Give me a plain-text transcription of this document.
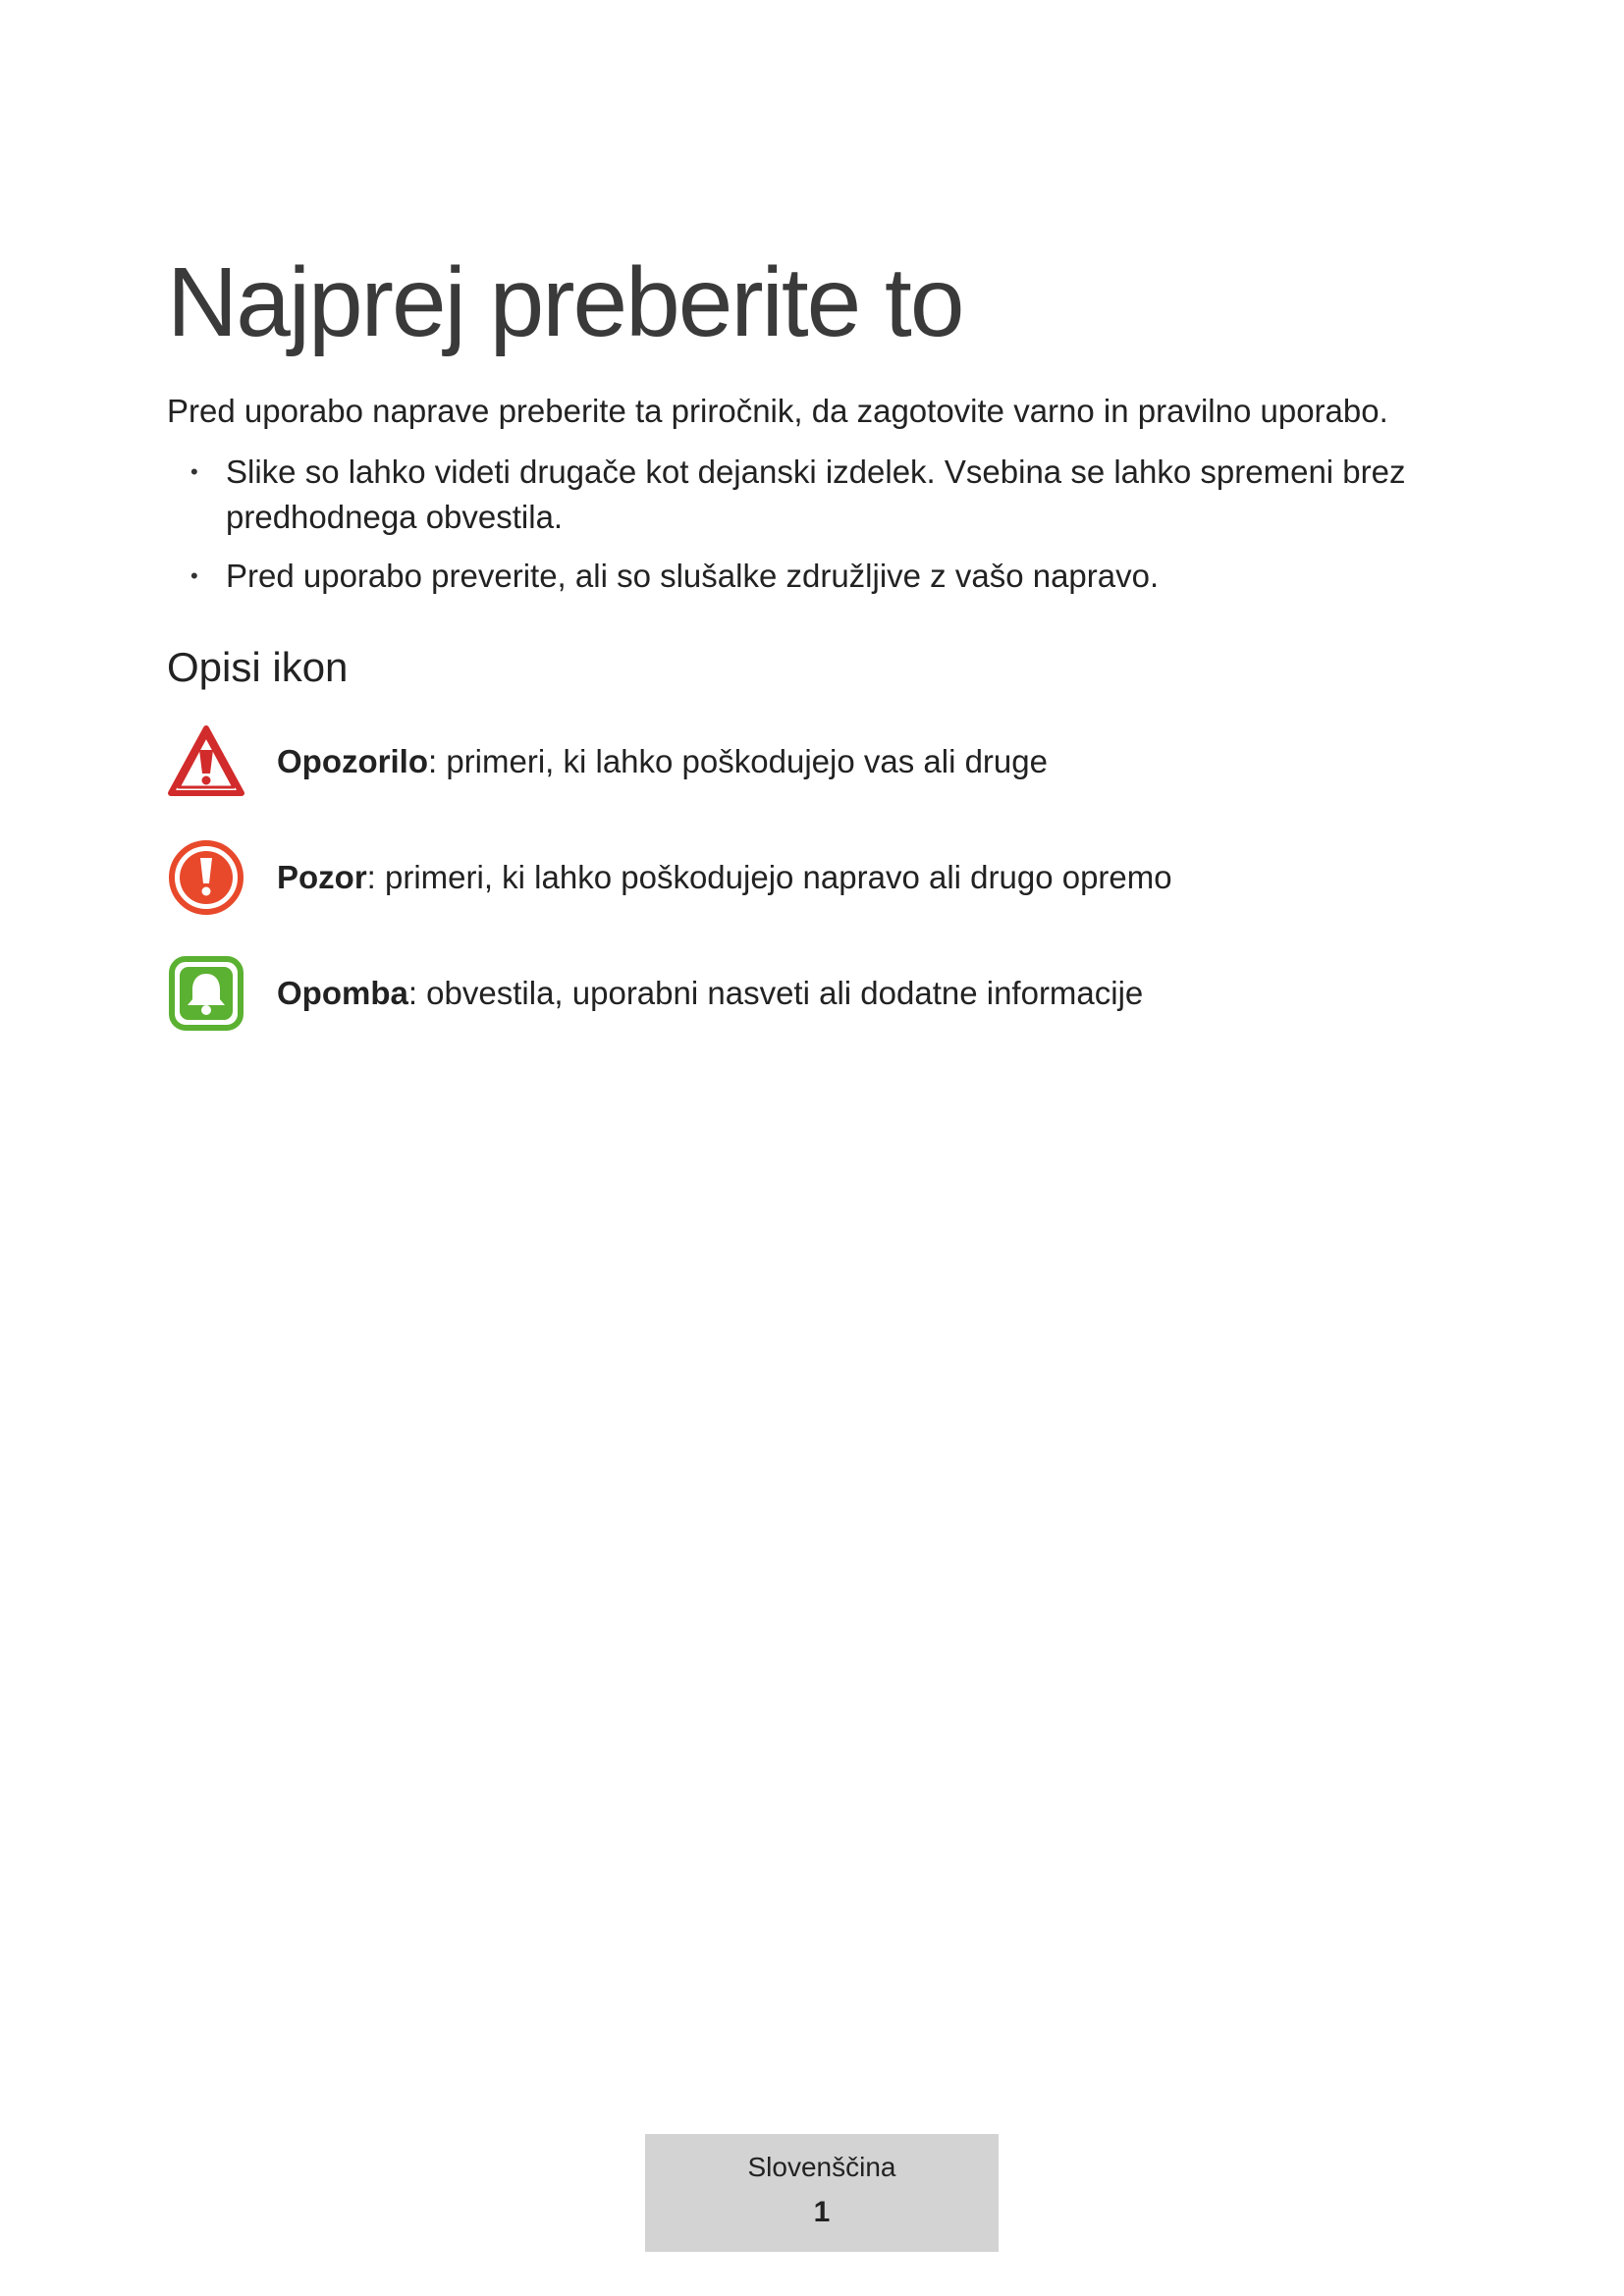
Najprej preberite to

Pred uporabo naprave preberite ta priročnik, da zagotovite varno in pravilno uporabo.

• Slike so lahko videti drugače kot dejanski izdelek. Vsebina se lahko spremeni brez predhodnega obvestila.
• Pred uporabo preverite, ali so slušalke združljive z vašo napravo.
Opisi ikon
Opozorilo: primeri, ki lahko poškodujejo vas ali druge
Pozor: primeri, ki lahko poškodujejo napravo ali drugo opremo
Opomba: obvestila, uporabni nasveti ali dodatne informacije
Slovenščina
1
